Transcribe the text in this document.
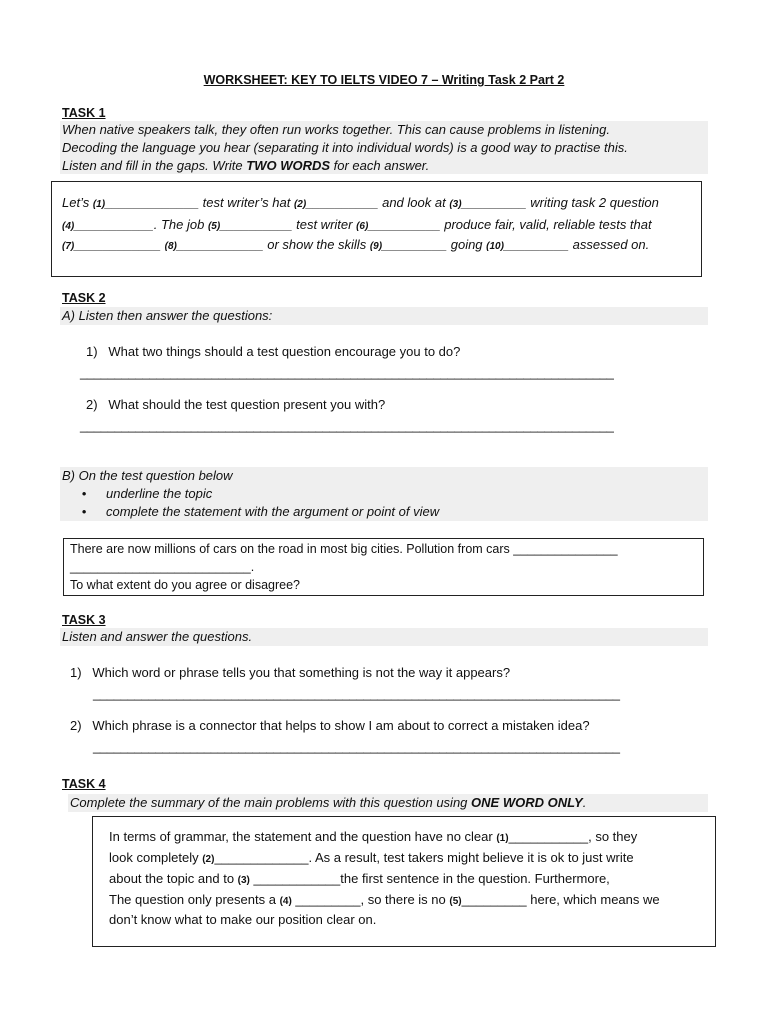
WORKSHEET: KEY TO IELTS VIDEO 7 – Writing Task 2 Part 2
TASK 1
When native speakers talk, they often run works together. This can cause problems in listening.
Decoding the language you hear (separating it into individual words) is a good way to practise this.
Listen and fill in the gaps. Write TWO WORDS for each answer.
Let’s (1)_____________ test writer’s hat (2)__________ and look at (3)_________ writing task 2 question
(4)___________. The job (5)__________ test writer (6)__________ produce fair, valid, reliable tests that
(7)____________ (8)____________ or show the skills (9)_________ going (10)_________ assessed on.
TASK 2
A) Listen then answer the questions:
1) What two things should a test question encourage you to do?
_____________________________________________________________________________
2) What should the test question present you with?
_____________________________________________________________________________
B) On the test question below
• underline the topic
• complete the statement with the argument or point of view
There are now millions of cars on the road in most big cities. Pollution from cars _______________
__________________________.
To what extent do you agree or disagree?
TASK 3
Listen and answer the questions.
1) Which word or phrase tells you that something is not the way it appears?
____________________________________________________________________________
2) Which phrase is a connector that helps to show I am about to correct a mistaken idea?
____________________________________________________________________________
TASK 4
Complete the summary of the main problems with this question using ONE WORD ONLY.
In terms of grammar, the statement and the question have no clear (1)___________, so they
look completely (2)_____________. As a result, test takers might believe it is ok to just write
about the topic and to (3) ____________the first sentence in the question. Furthermore,
The question only presents a (4) _________, so there is no (5)_________ here, which means we
don’t know what to make our position clear on.
